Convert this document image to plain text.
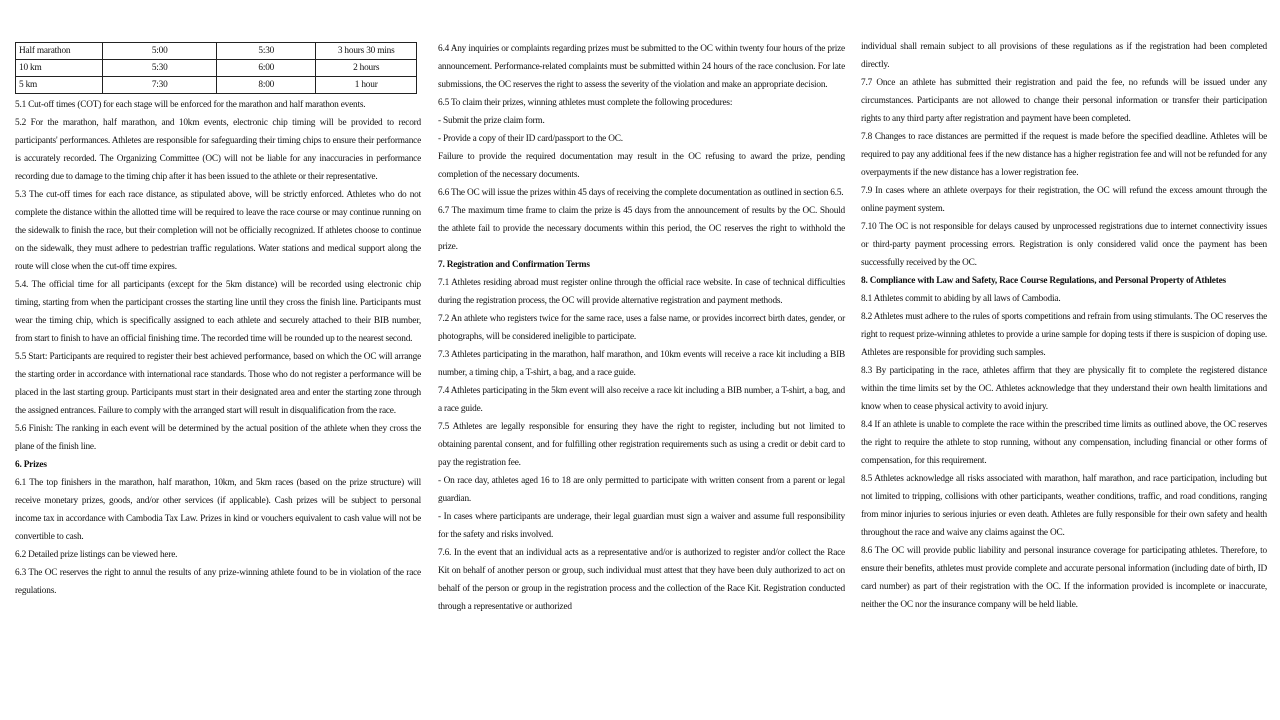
Half marathon	5:00	5:30	3 hours 30 mins
10 km	5:30	6:00	2 hours
5 km	7:30	8:00	1 hour

5.1 Cut-off times (COT) for each stage will be enforced for the marathon and half marathon events.

5.2 For the marathon, half marathon, and 10km events, electronic chip timing will be provided to record participants' performances. Athletes are responsible for safeguarding their timing chips to ensure their performance is accurately recorded. The Organizing Committee (OC) will not be liable for any inaccuracies in performance recording due to damage to the timing chip after it has been issued to the athlete or their representative.

5.3 The cut-off times for each race distance, as stipulated above, will be strictly enforced. Athletes who do not complete the distance within the allotted time will be required to leave the race course or may continue running on the sidewalk to finish the race, but their completion will not be officially recognized. If athletes choose to continue on the sidewalk, they must adhere to pedestrian traffic regulations. Water stations and medical support along the route will close when the cut-off time expires.

5.4. The official time for all participants (except for the 5km distance) will be recorded using electronic chip timing, starting from when the participant crosses the starting line until they cross the finish line. Participants must wear the timing chip, which is specifically assigned to each athlete and securely attached to their BIB number, from start to finish to have an official finishing time. The recorded time will be rounded up to the nearest second.

5.5 Start: Participants are required to register their best achieved performance, based on which the OC will arrange the starting order in accordance with international race standards. Those who do not register a performance will be placed in the last starting group. Participants must start in their designated area and enter the starting zone through the assigned entrances. Failure to comply with the arranged start will result in disqualification from the race.

5.6 Finish: The ranking in each event will be determined by the actual position of the athlete when they cross the plane of the finish line.

6. Prizes

6.1 The top finishers in the marathon, half marathon, 10km, and 5km races (based on the prize structure) will receive monetary prizes, goods, and/or other services (if applicable). Cash prizes will be subject to personal income tax in accordance with Cambodia Tax Law. Prizes in kind or vouchers equivalent to cash value will not be convertible to cash.

6.2 Detailed prize listings can be viewed here.

6.3 The OC reserves the right to annul the results of any prize-winning athlete found to be in violation of the race regulations.

6.4 Any inquiries or complaints regarding prizes must be submitted to the OC within twenty four hours of the prize announcement. Performance-related complaints must be submitted within 24 hours of the race conclusion. For late submissions, the OC reserves the right to assess the severity of the violation and make an appropriate decision.

6.5 To claim their prizes, winning athletes must complete the following procedures:

- Submit the prize claim form.

- Provide a copy of their ID card/passport to the OC.

Failure to provide the required documentation may result in the OC refusing to award the prize, pending completion of the necessary documents.

6.6 The OC will issue the prizes within 45 days of receiving the complete documentation as outlined in section 6.5.

6.7 The maximum time frame to claim the prize is 45 days from the announcement of results by the OC. Should the athlete fail to provide the necessary documents within this period, the OC reserves the right to withhold the prize.

7. Registration and Confirmation Terms

7.1 Athletes residing abroad must register online through the official race website. In case of technical difficulties during the registration process, the OC will provide alternative registration and payment methods.

7.2 An athlete who registers twice for the same race, uses a false name, or provides incorrect birth dates, gender, or photographs, will be considered ineligible to participate.

7.3 Athletes participating in the marathon, half marathon, and 10km events will receive a race kit including a BIB number, a timing chip, a T-shirt, a bag, and a race guide.

7.4 Athletes participating in the 5km event will also receive a race kit including a BIB number, a T-shirt, a bag, and a race guide.

7.5 Athletes are legally responsible for ensuring they have the right to register, including but not limited to obtaining parental consent, and for fulfilling other registration requirements such as using a credit or debit card to pay the registration fee.

- On race day, athletes aged 16 to 18 are only permitted to participate with written consent from a parent or legal guardian.

- In cases where participants are underage, their legal guardian must sign a waiver and assume full responsibility for the safety and risks involved.

7.6. In the event that an individual acts as a representative and/or is authorized to register and/or collect the Race Kit on behalf of another person or group, such individual must attest that they have been duly authorized to act on behalf of the person or group in the registration process and the collection of the Race Kit. Registration conducted through a representative or authorized

individual shall remain subject to all provisions of these regulations as if the registration had been completed directly.

7.7 Once an athlete has submitted their registration and paid the fee, no refunds will be issued under any circumstances. Participants are not allowed to change their personal information or transfer their participation rights to any third party after registration and payment have been completed.

7.8 Changes to race distances are permitted if the request is made before the specified deadline. Athletes will be required to pay any additional fees if the new distance has a higher registration fee and will not be refunded for any overpayments if the new distance has a lower registration fee.

7.9 In cases where an athlete overpays for their registration, the OC will refund the excess amount through the online payment system.

7.10 The OC is not responsible for delays caused by unprocessed registrations due to internet connectivity issues or third-party payment processing errors. Registration is only considered valid once the payment has been successfully received by the OC.

8. Compliance with Law and Safety, Race Course Regulations, and Personal Property of Athletes

8.1 Athletes commit to abiding by all laws of Cambodia.

8.2 Athletes must adhere to the rules of sports competitions and refrain from using stimulants. The OC reserves the right to request prize-winning athletes to provide a urine sample for doping tests if there is suspicion of doping use. Athletes are responsible for providing such samples.

8.3 By participating in the race, athletes affirm that they are physically fit to complete the registered distance within the time limits set by the OC. Athletes acknowledge that they understand their own health limitations and know when to cease physical activity to avoid injury.

8.4 If an athlete is unable to complete the race within the prescribed time limits as outlined above, the OC reserves the right to require the athlete to stop running, without any compensation, including financial or other forms of compensation, for this requirement.

8.5 Athletes acknowledge all risks associated with marathon, half marathon, and race participation, including but not limited to tripping, collisions with other participants, weather conditions, traffic, and road conditions, ranging from minor injuries to serious injuries or even death. Athletes are fully responsible for their own safety and health throughout the race and waive any claims against the OC.

8.6 The OC will provide public liability and personal insurance coverage for participating athletes. Therefore, to ensure their benefits, athletes must provide complete and accurate personal information (including date of birth, ID card number) as part of their registration with the OC. If the information provided is incomplete or inaccurate, neither the OC nor the insurance company will be held liable.
